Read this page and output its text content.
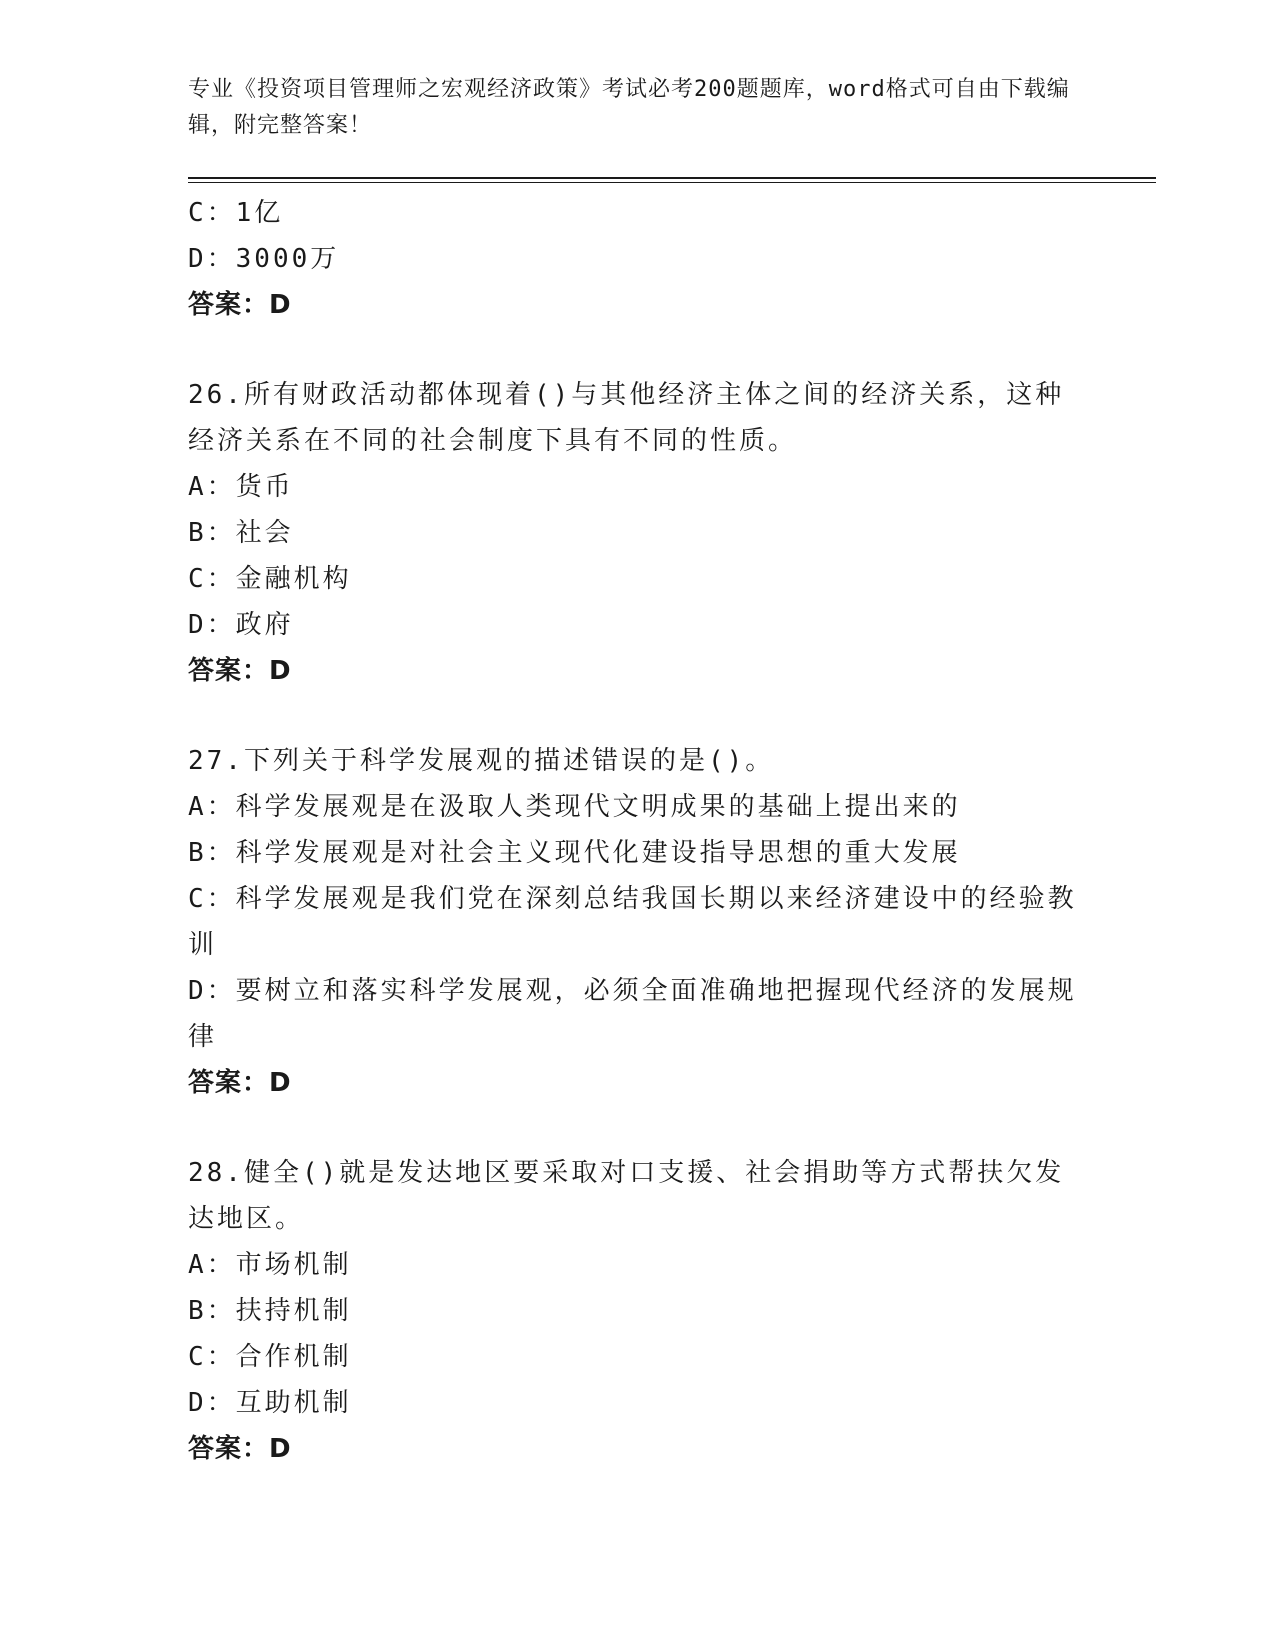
专业《投资项目管理师之宏观经济政策》考试必考200题题库，word格式可自由下载编辑，附完整答案！
C：1亿
D：3000万
答案：D
26.所有财政活动都体现着()与其他经济主体之间的经济关系，这种经济关系在不同的社会制度下具有不同的性质。
A：货币
B：社会
C：金融机构
D：政府
答案：D
27.下列关于科学发展观的描述错误的是()。
A：科学发展观是在汲取人类现代文明成果的基础上提出来的
B：科学发展观是对社会主义现代化建设指导思想的重大发展
C：科学发展观是我们党在深刻总结我国长期以来经济建设中的经验教训
D：要树立和落实科学发展观，必须全面准确地把握现代经济的发展规律
答案：D
28.健全()就是发达地区要采取对口支援、社会捐助等方式帮扶欠发达地区。
A：市场机制
B：扶持机制
C：合作机制
D：互助机制
答案：D
